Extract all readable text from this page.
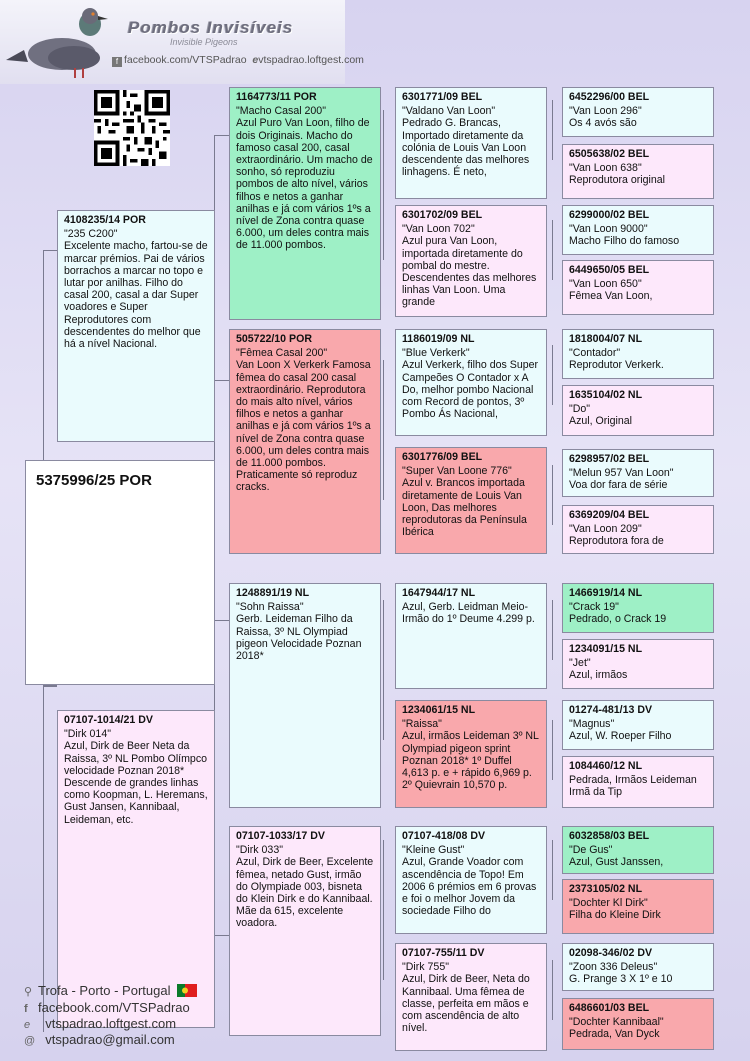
Pombos Invisíveis
Invisible Pigeons
f facebook.com/VTSPadrao evtspadrao.loftgest.com
5375996/25 POR
4108235/14 POR
"235 C200"
Excelente macho, fartou-se de marcar prémios. Pai de vários borrachos a marcar no topo e lutar por anilhas. Filho do casal 200, casal a dar Super voadores e Super Reprodutores com descendentes do melhor que há a nível Nacional.
07107-1014/21 DV
"Dirk 014"
Azul, Dirk de Beer Neta da Raissa, 3º NL Pombo Olímpco velocidade Poznan 2018* Descende de grandes linhas como Koopman, L. Heremans, Gust Jansen, Kannibaal, Leideman, etc.
1164773/11 POR
"Macho Casal 200"
Azul Puro Van Loon, filho de dois Originais. Macho do famoso casal 200, casal extraordinário. Um macho de sonho, só reproduziu pombos de alto nível, vários filhos e netos a ganhar anilhas e já com vários 1ºs a nível de Zona contra quase 6.000, um deles contra mais de 11.000 pombos.
505722/10 POR
"Fêmea Casal 200"
Van Loon X Verkerk Famosa fêmea do casal 200 casal extraordinário. Reprodutora do mais alto nível, vários filhos e netos a ganhar anilhas e já com vários 1ºs a nível de Zona contra quase 6.000, um deles contra mais de 11.000 pombos. Praticamente só reproduz cracks.
1248891/19 NL
"Sohn Raissa"
Gerb. Leideman Filho da Raissa, 3º NL Olympiad pigeon Velocidade Poznan 2018*
07107-1033/17 DV
"Dirk 033"
Azul, Dirk de Beer, Excelente fêmea, netado Gust, irmão do Olympiade 003, bisneta do Klein Dirk e do Kannibaal. Mãe da 615, excelente voadora.
6301771/09 BEL
"Valdano Van Loon"
Pedrado G. Brancas, Importado diretamente da colónia de Louis Van Loon descendente das melhores linhagens. É neto,
6301702/09 BEL
"Van Loon 702"
Azul pura Van Loon, importada diretamente do pombal do mestre. Descendentes das melhores linhas Van Loon. Uma grande
1186019/09 NL
"Blue Verkerk"
Azul Verkerk, filho dos Super Campeões O Contador x A Do, melhor pombo Nacional com Record de pontos, 3º Pombo Ás Nacional,
6301776/09 BEL
"Super Van Loone 776"
Azul v. Brancos importada diretamente de Louis Van Loon, Das melhores reprodutoras da Península Ibérica
1647944/17 NL
Azul, Gerb. Leidman Meio-Irmão do 1º Deume 4.299 p.
1234061/15 NL
"Raissa"
Azul, irmãos Leideman 3º NL Olympiad pigeon sprint Poznan 2018* 1º Duffel 4,613 p. e + rápido 6,969 p. 2º Quievrain 10,570 p.
07107-418/08 DV
"Kleine Gust"
Azul, Grande Voador com ascendência de Topo! Em 2006 6 prémios em 6 provas e foi o melhor Jovem da sociedade Filho do
07107-755/11 DV
"Dirk 755"
Azul, Dirk de Beer, Neta do Kannibaal. Uma fêmea de classe, perfeita em mãos e com ascendência de alto nível.
6452296/00 BEL
"Van Loon 296"
Os 4 avós são
6505638/02 BEL
"Van Loon 638"
Reprodutora original
6299000/02 BEL
"Van Loon 9000"
Macho Filho do famoso
6449650/05 BEL
"Van Loon 650"
Fêmea Van Loon,
1818004/07 NL
"Contador"
Reprodutor Verkerk.
1635104/02 NL
"Do"
Azul, Original
6298957/02 BEL
"Melun 957 Van Loon"
Voa dor fara de série
6369209/04 BEL
"Van Loon 209"
Reprodutora fora de
1466919/14 NL
"Crack 19"
Pedrado, o Crack 19
1234091/15 NL
"Jet"
Azul, irmãos
01274-481/13 DV
"Magnus"
Azul, W. Roeper Filho
1084460/12 NL
Pedrada, Irmãos Leideman Irmã da Tip
6032858/03 BEL
"De Gus"
Azul, Gust Janssen,
2373105/02 NL
"Dochter Kl Dirk"
Filha do Kleine Dirk
02098-346/02 DV
"Zoon 336 Deleus"
G. Prange 3 X 1º e 10
6486601/03 BEL
"Dochter Kannibaal"
Pedrada, Van Dyck
⚲ Trofa - Porto - Portugal
f facebook.com/VTSPadrao
e vtspadrao.loftgest.com
@ vtspadrao@gmail.com
